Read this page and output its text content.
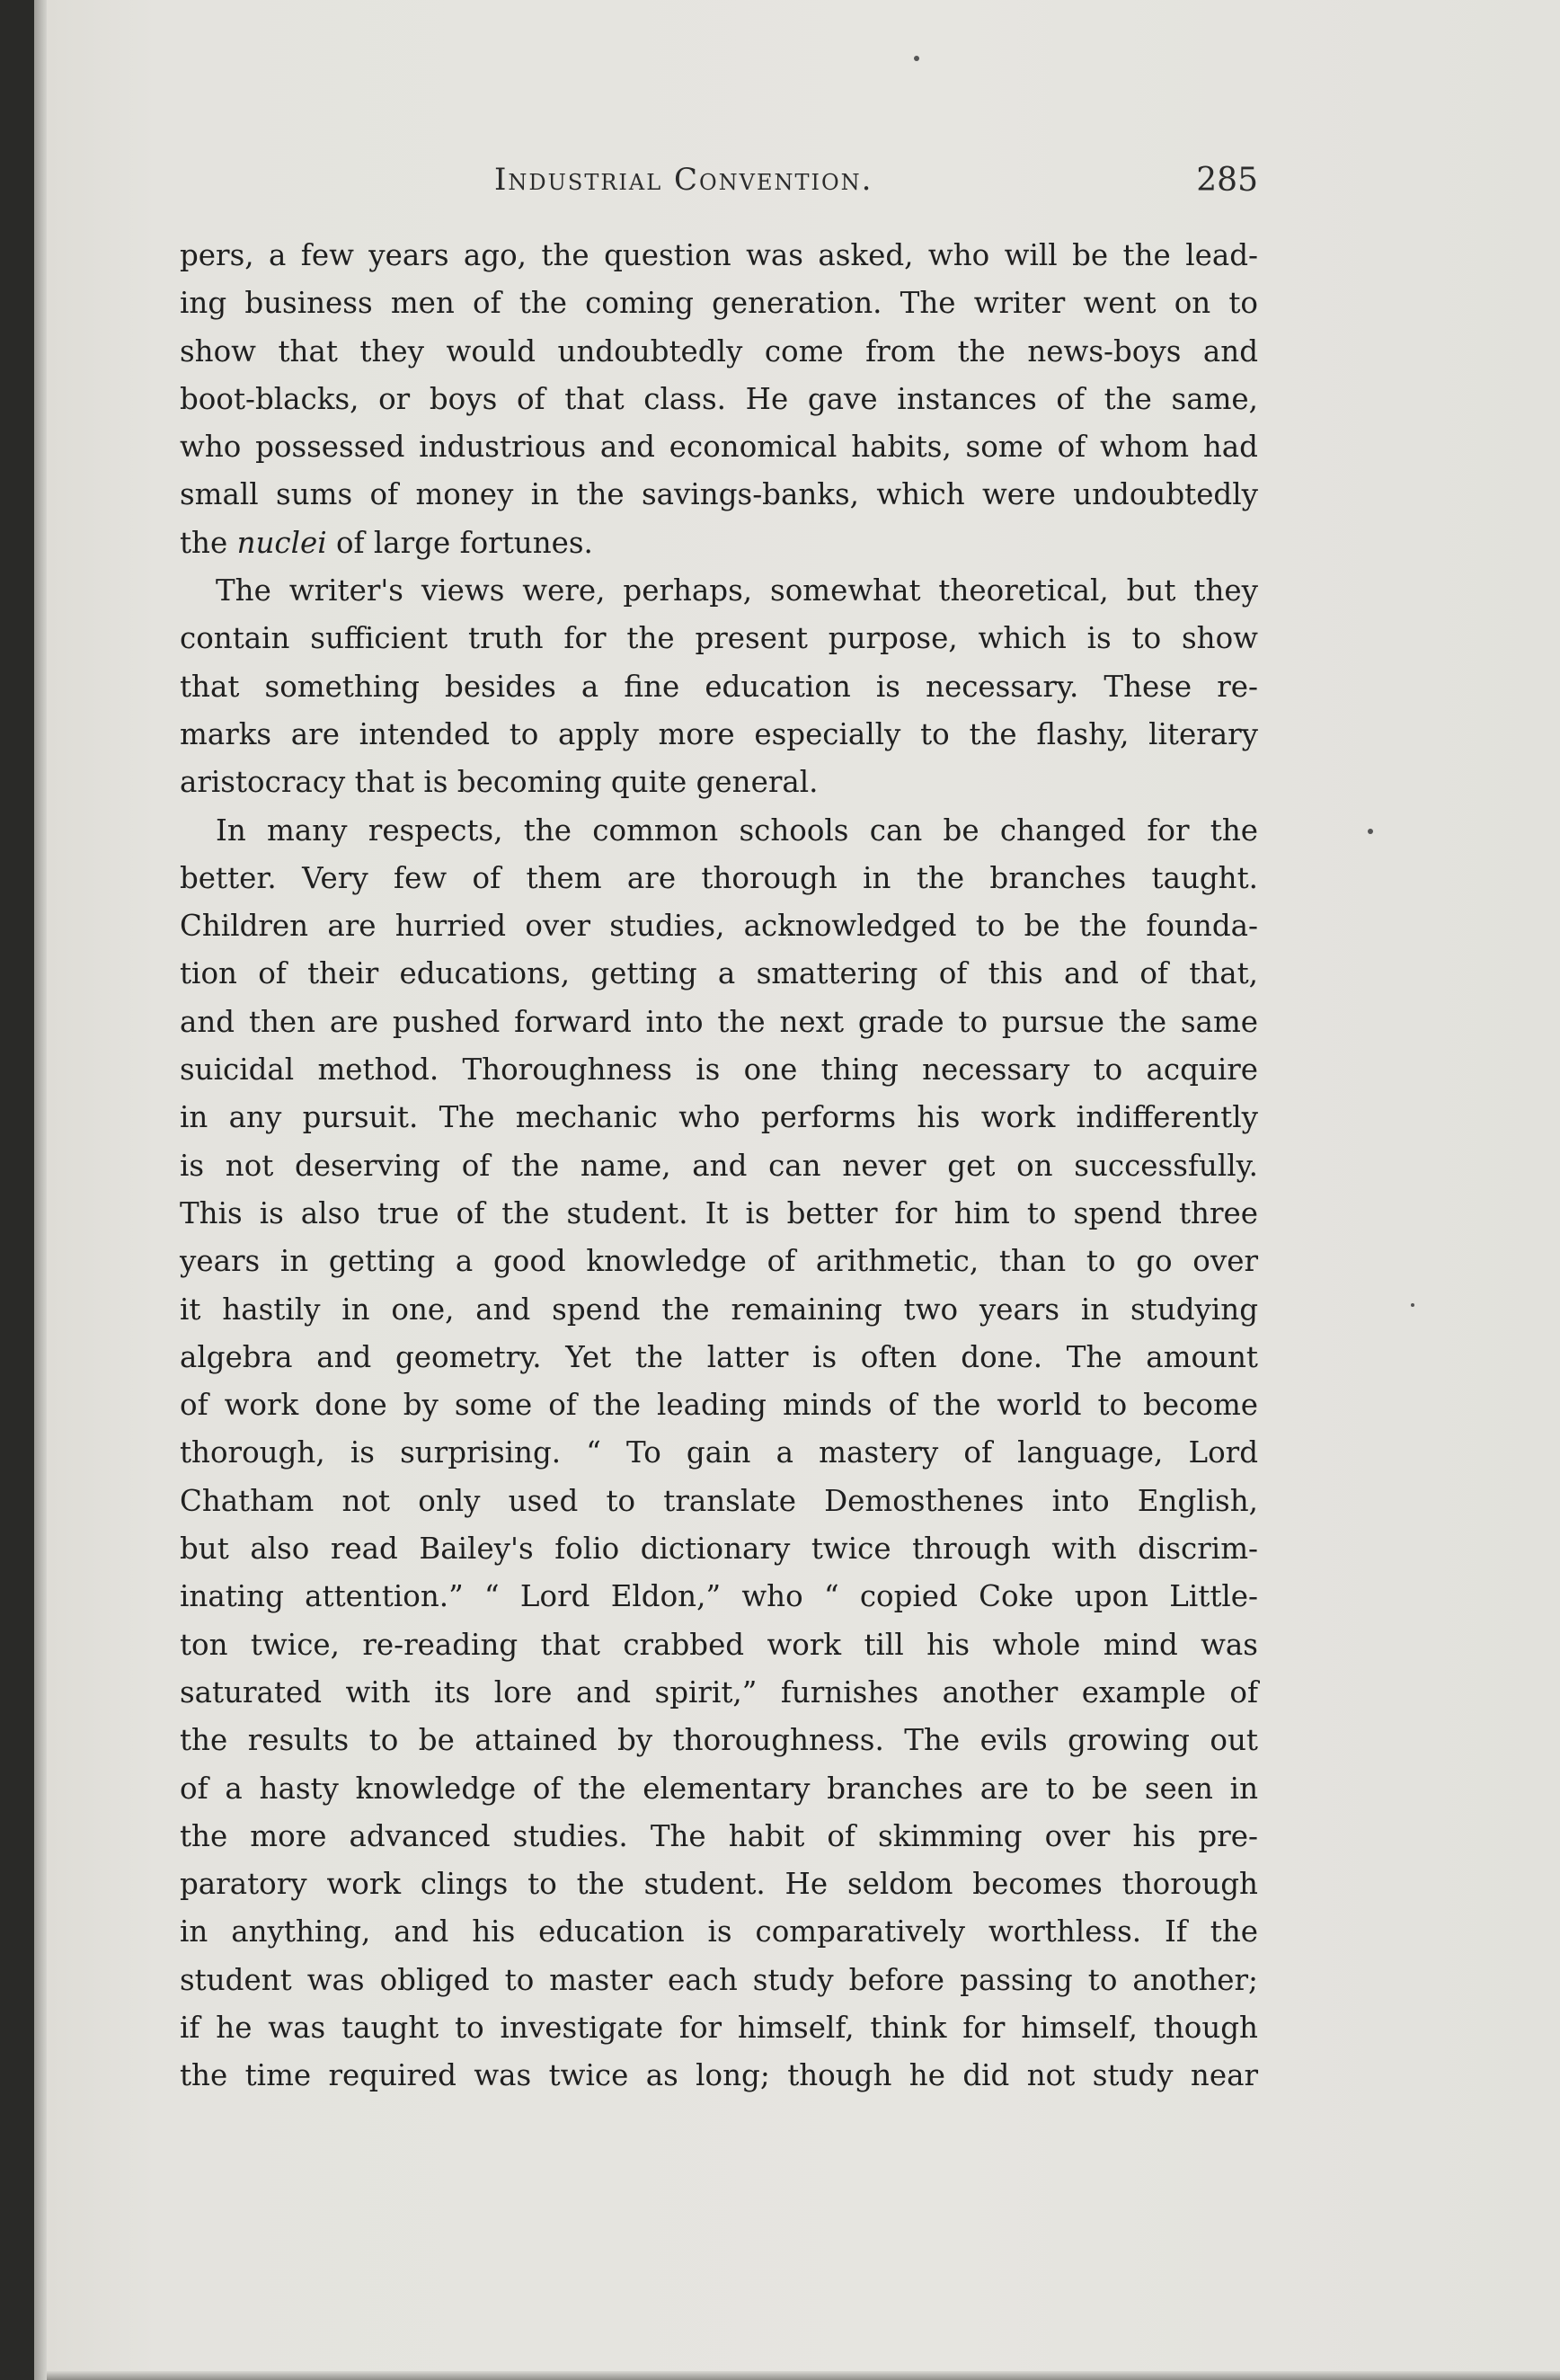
Industrial Convention.	285
pers, a few years ago, the question was asked, who will be the lead-
ing business men of the coming generation. The writer went on to
show that they would undoubtedly come from the news-boys and
boot-blacks, or boys of that class. He gave instances of the same,
who possessed industrious and economical habits, some of whom had
small sums of money in the savings-banks, which were undoubtedly
the nuclei of large fortunes.
The writer's views were, perhaps, somewhat theoretical, but they
contain sufficient truth for the present purpose, which is to show
that something besides a fine education is necessary. These re-
marks are intended to apply more especially to the flashy, literary
aristocracy that is becoming quite general.
In many respects, the common schools can be changed for the
better. Very few of them are thorough in the branches taught.
Children are hurried over studies, acknowledged to be the founda-
tion of their educations, getting a smattering of this and of that,
and then are pushed forward into the next grade to pursue the same
suicidal method. Thoroughness is one thing necessary to acquire
in any pursuit. The mechanic who performs his work indifferently
is not deserving of the name, and can never get on successfully.
This is also true of the student. It is better for him to spend three
years in getting a good knowledge of arithmetic, than to go over
it hastily in one, and spend the remaining two years in studying
algebra and geometry. Yet the latter is often done. The amount
of work done by some of the leading minds of the world to become
thorough, is surprising. “ To gain a mastery of language, Lord
Chatham not only used to translate Demosthenes into English,
but also read Bailey's folio dictionary twice through with discrim-
inating attention.” “ Lord Eldon,” who “ copied Coke upon Little-
ton twice, re-reading that crabbed work till his whole mind was
saturated with its lore and spirit,” furnishes another example of
the results to be attained by thoroughness. The evils growing out
of a hasty knowledge of the elementary branches are to be seen in
the more advanced studies. The habit of skimming over his pre-
paratory work clings to the student. He seldom becomes thorough
in anything, and his education is comparatively worthless. If the
student was obliged to master each study before passing to another;
if he was taught to investigate for himself, think for himself, though
the time required was twice as long; though he did not study near
